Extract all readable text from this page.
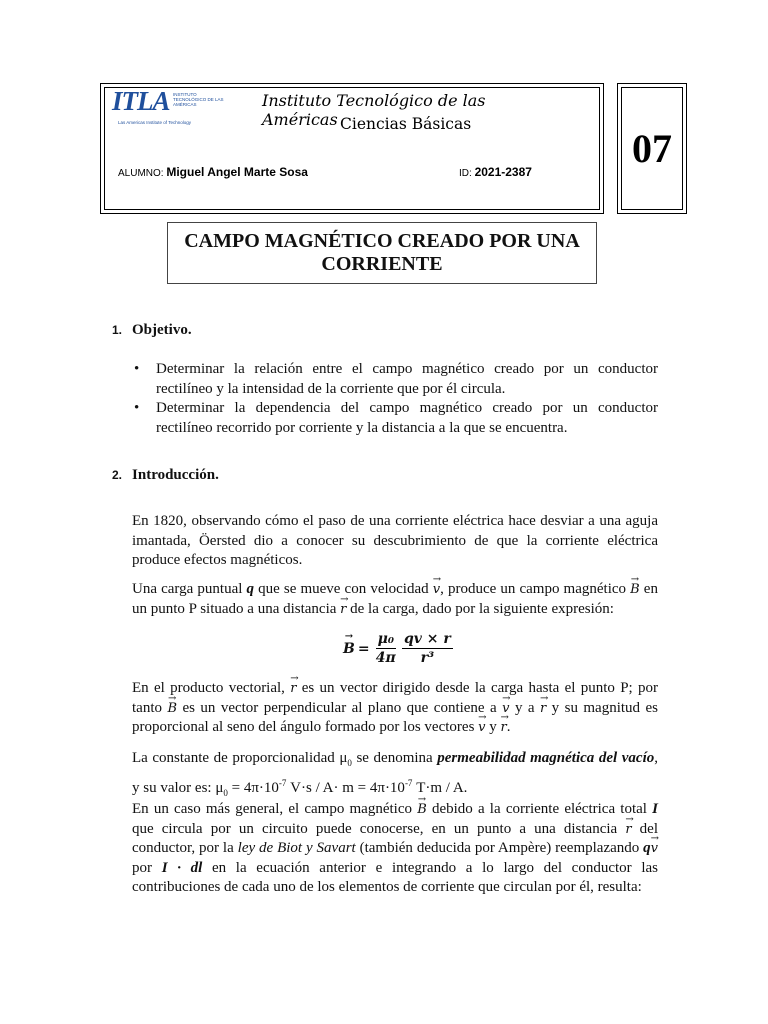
07
ITLA INSTITUTO TECNOLÓGICO DE LAS AMÉRICAS
Las Americas Institute of Technology
Instituto Tecnológico de las Américas Ciencias Básicas
ALUMNO: Miguel Angel Marte Sosa	ID: 2021-2387
CAMPO MAGNÉTICO CREADO POR UNA CORRIENTE
1. Objetivo.
• Determinar la relación entre el campo magnético creado por un conductor rectilíneo y la intensidad de la corriente que por él circula.
• Determinar la dependencia del campo magnético creado por un conductor rectilíneo recorrido por corriente y la distancia a la que se encuentra.
2. Introducción.

En 1820, observando cómo el paso de una corriente eléctrica hace desviar a una aguja imantada, Öersted dio a conocer su descubrimiento de que la corriente eléctrica produce efectos magnéticos.

Una carga puntual q que se mueve con velocidad → v, produce un campo magnético → B en un punto P situado a una distancia → r de la carga, dado por la siguiente expresión:

→ $B = \frac{\text{μ₀}}{4\pi} \frac{qv \times r}{\text{r³}}$

En el producto vectorial, → r es un vector dirigido desde la carga hasta el punto P; por tanto → B es un vector perpendicular al plano que contiene a → v y a → r y su magnitud es proporcional al seno del ángulo formado por los vectores → v y → r.

La constante de proporcionalidad $\mu_0$ se denomina permeabilidad magnética del vacío, y su valor es: $\mu_0 = 4\pi\cdot 10^{-7}$ $V\cdot s / A\cdot m = 4\pi\cdot 10^{-7}$ T·m / A.

En un caso más general, el campo magnético → B debido a la corriente eléctrica total I que circula por un circuito puede conocerse, en un punto a una distancia → r del conductor, por la ley de Biot y Savart (también deducida por Ampère) reemplazando q→ v por I · dl en la ecuación anterior e integrando a lo largo del conductor las contribuciones de cada uno de los elementos de corriente que circulan por él, resulta:
